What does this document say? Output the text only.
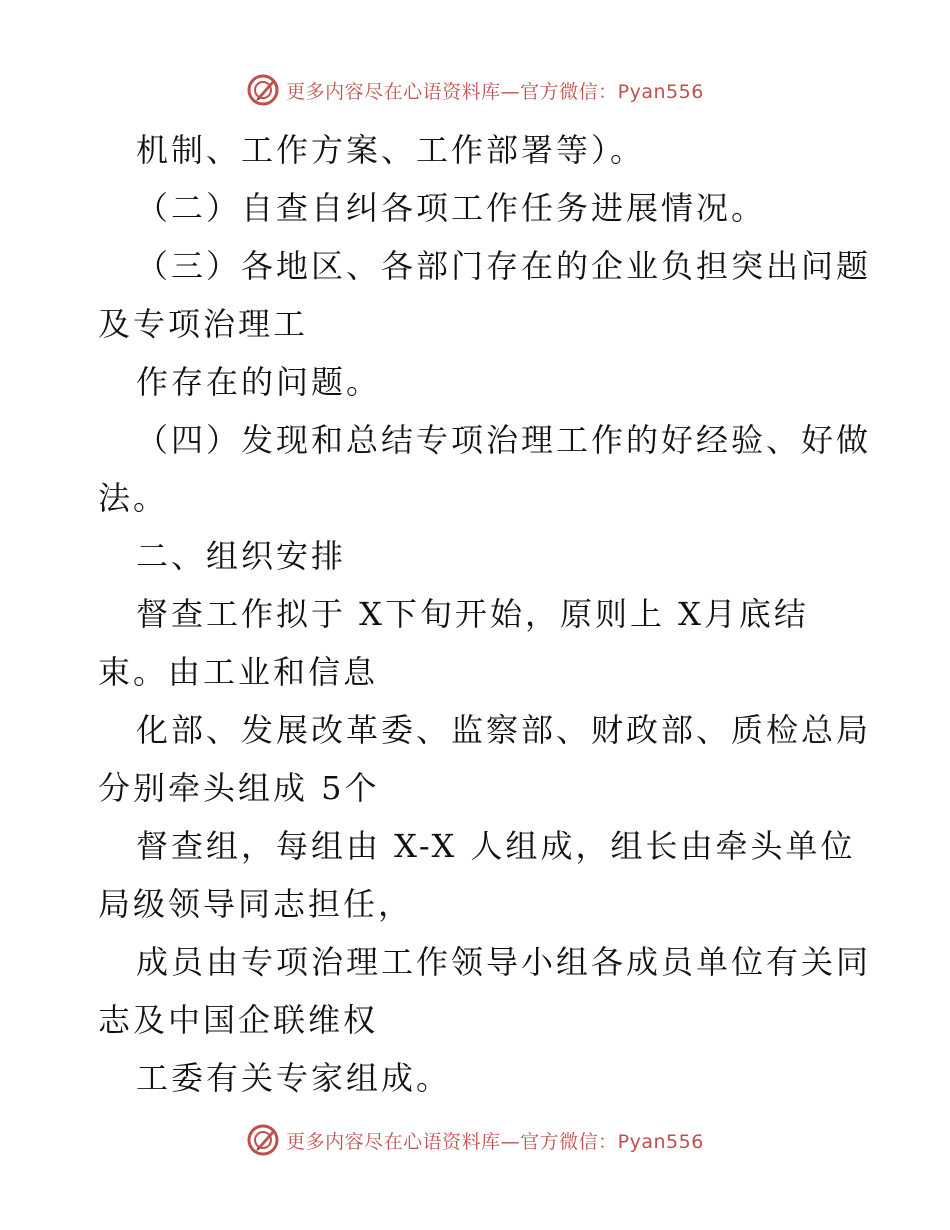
更多内容尽在心语资料库—官方微信：Pyan556
机制、工作方案、工作部署等）。
（二）自查自纠各项工作任务进展情况。
（三）各地区、各部门存在的企业负担突出问题
及专项治理工
作存在的问题。
（四）发现和总结专项治理工作的好经验、好做
法。
二、组织安排
督查工作拟于 X下旬开始，原则上 X月底结
束。由工业和信息
化部、发展改革委、监察部、财政部、质检总局
分别牵头组成 5个
督查组，每组由 X-X 人组成，组长由牵头单位
局级领导同志担任，
成员由专项治理工作领导小组各成员单位有关同
志及中国企联维权
工委有关专家组成。
更多内容尽在心语资料库—官方微信：Pyan556
